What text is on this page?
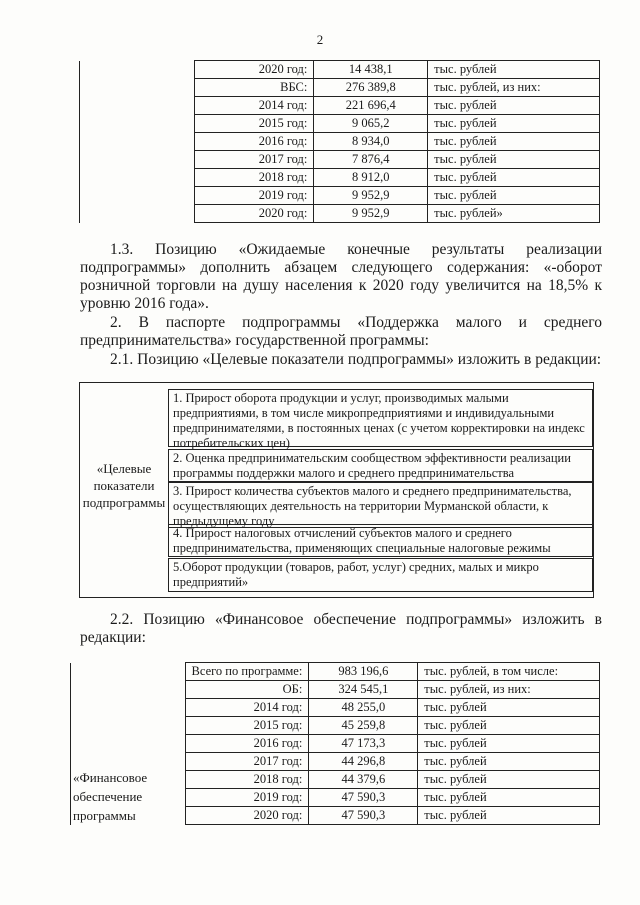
2
	2020 год:	14 438,1	тыс. рублей
	ВБС:	276 389,8	тыс. рублей, из них:
	2014 год:	221 696,4	тыс. рублей
	2015 год:	9 065,2	тыс. рублей
	2016 год:	8 934,0	тыс. рублей
	2017 год:	7 876,4	тыс. рублей
	2018 год:	8 912,0	тыс. рублей
	2019 год:	9 952,9	тыс. рублей
	2020 год:	9 952,9	тыс. рублей»
1.3. Позицию «Ожидаемые конечные результаты реализации подпрограммы» дополнить абзацем следующего содержания: «-оборот розничной торговли на душу населения к 2020 году увеличится на 18,5% к уровню 2016 года».
2. В паспорте подпрограммы «Поддержка малого и среднего
предпринимательства» государственной программы:
2.1. Позицию «Целевые показатели подпрограммы» изложить в редакции:
«Целевые показатели подпрограммы
1. Прирост оборота продукции и услуг, производимых малыми предприятиями, в том числе микропредприятиями и индивидуальными предпринимателями, в постоянных ценах (с учетом корректировки на индекс потребительских цен)
2. Оценка предпринимательским сообществом эффективности реализации программы поддержки малого и среднего предпринимательства
3. Прирост количества субъектов малого и среднего предпринимательства, осуществляющих деятельность на территории Мурманской области, к предыдущему году
4. Прирост налоговых отчислений субъектов малого и среднего предпринимательства, применяющих специальные налоговые режимы
5.Оборот продукции (товаров, работ, услуг) средних, малых и микро предприятий»
2.2. Позицию «Финансовое обеспечение подпрограммы» изложить в
редакции:
«Финансовое обеспечение программы	Всего по программе:	983 196,6	тыс. рублей, в том числе:
	ОБ:	324 545,1	тыс. рублей, из них:
	2014 год:	48 255,0	тыс. рублей
	2015 год:	45 259,8	тыс. рублей
	2016 год:	47 173,3	тыс. рублей
	2017 год:	44 296,8	тыс. рублей
	2018 год:	44 379,6	тыс. рублей
	2019 год:	47 590,3	тыс. рублей
	2020 год:	47 590,3	тыс. рублей
